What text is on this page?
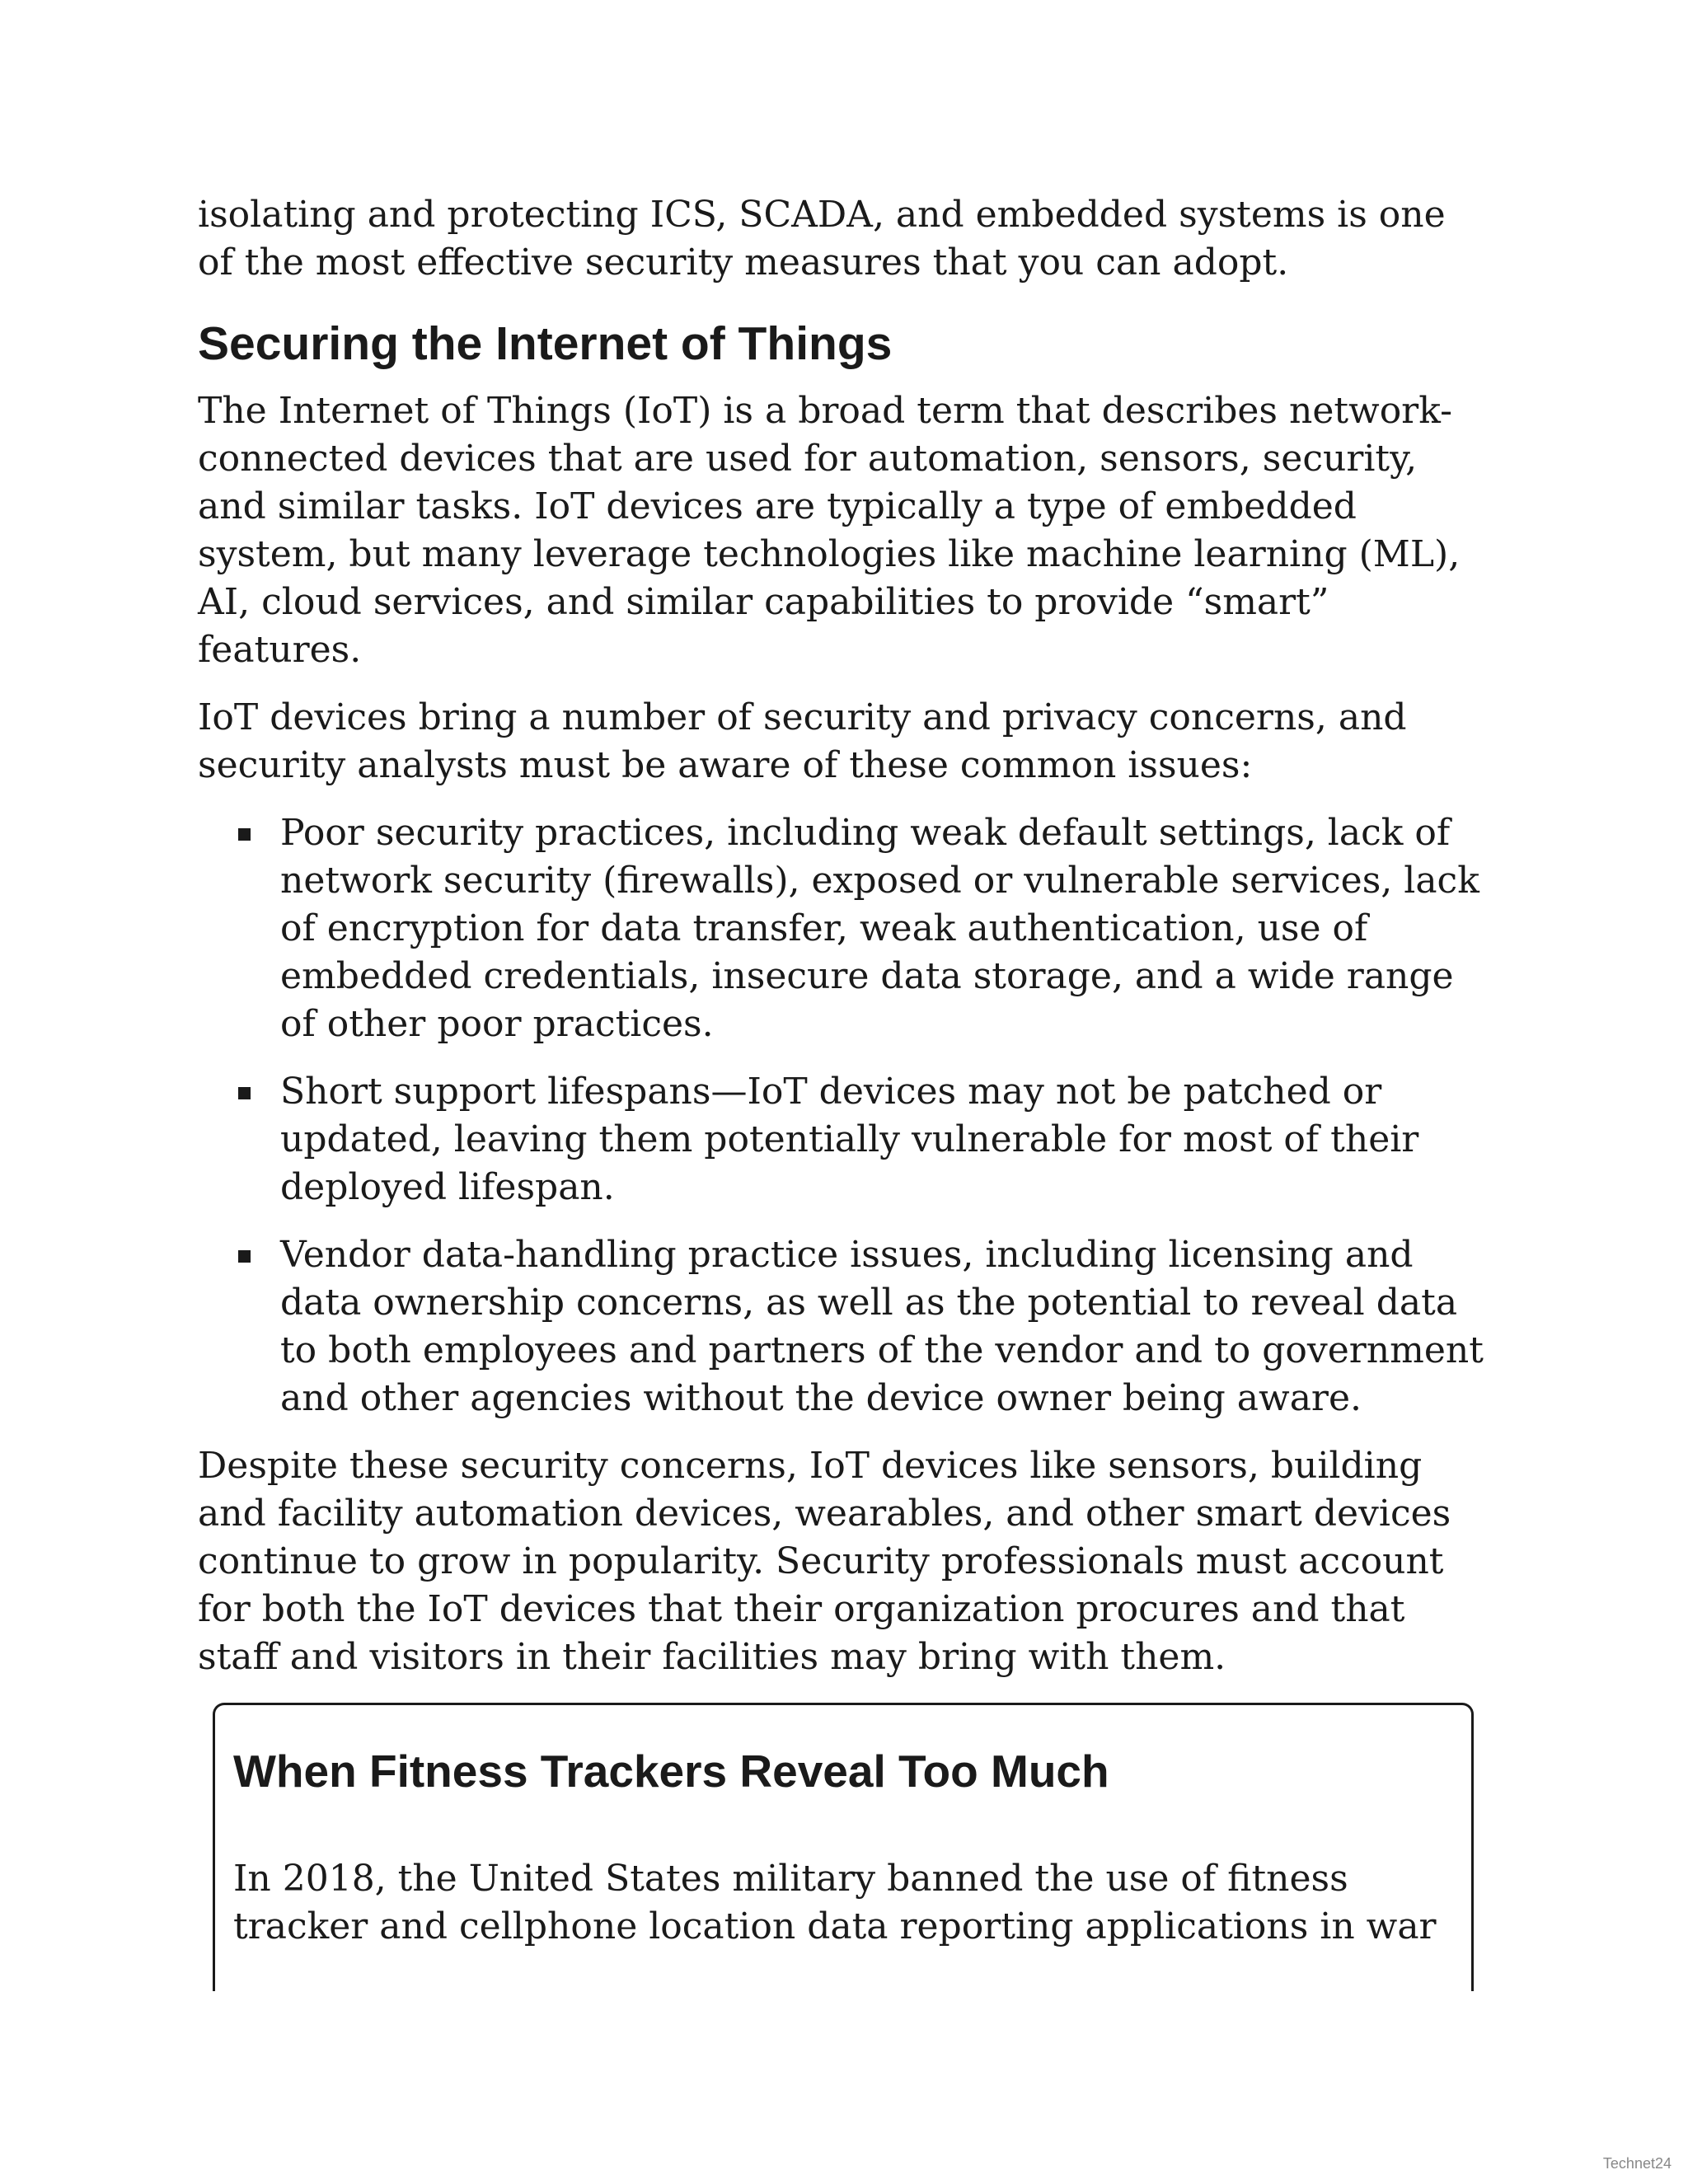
isolating and protecting ICS, SCADA, and embedded systems is one of the most effective security measures that you can adopt.

Securing the Internet of Things

The Internet of Things (IoT) is a broad term that describes network-connected devices that are used for automation, sensors, security, and similar tasks. IoT devices are typically a type of embedded system, but many leverage technologies like machine learning (ML), AI, cloud services, and similar capabilities to provide “smart” features.

IoT devices bring a number of security and privacy concerns, and security analysts must be aware of these common issues:

Poor security practices, including weak default settings, lack of network security (firewalls), exposed or vulnerable services, lack of encryption for data transfer, weak authentication, use of embedded credentials, insecure data storage, and a wide range of other poor practices.
Short support lifespans—IoT devices may not be patched or updated, leaving them potentially vulnerable for most of their deployed lifespan.
Vendor data-handling practice issues, including licensing and data ownership concerns, as well as the potential to reveal data to both employees and partners of the vendor and to government and other agencies without the device owner being aware.

Despite these security concerns, IoT devices like sensors, building and facility automation devices, wearables, and other smart devices continue to grow in popularity. Security professionals must account for both the IoT devices that their organization procures and that staff and visitors in their facilities may bring with them.

When Fitness Trackers Reveal Too Much

In 2018, the United States military banned the use of fitness tracker and cellphone location data reporting applications in war

Technet24
